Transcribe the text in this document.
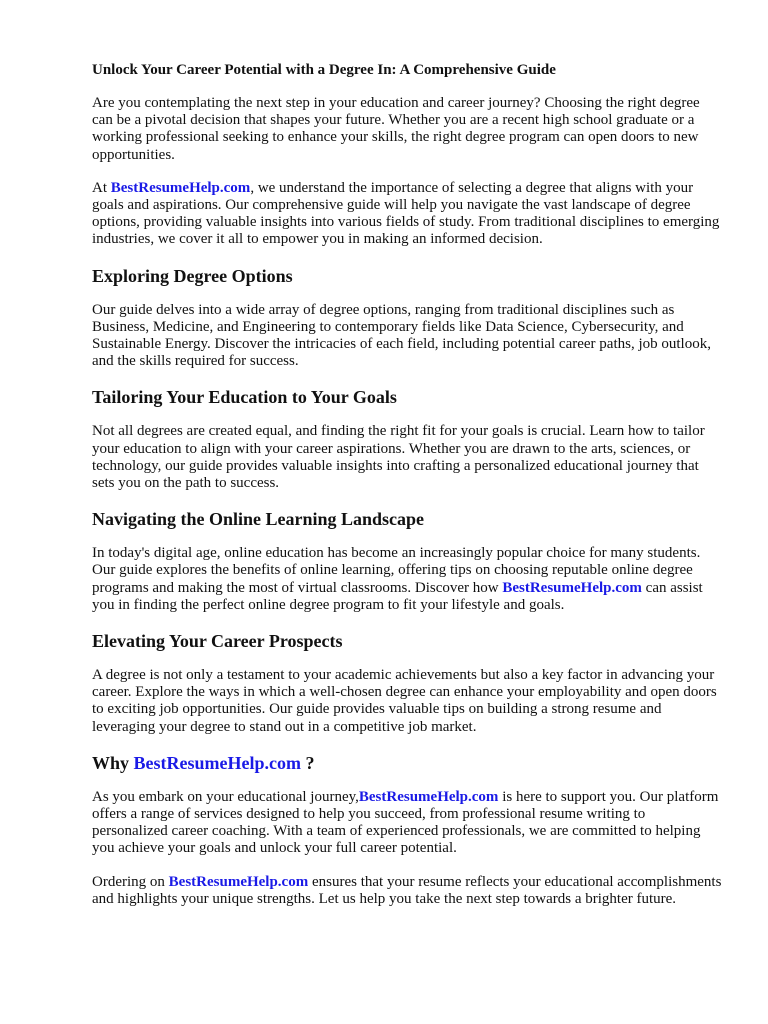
Unlock Your Career Potential with a Degree In: A Comprehensive Guide

Are you contemplating the next step in your education and career journey? Choosing the right degree can be a pivotal decision that shapes your future. Whether you are a recent high school graduate or a working professional seeking to enhance your skills, the right degree program can open doors to new opportunities.

At BestResumeHelp.com, we understand the importance of selecting a degree that aligns with your goals and aspirations. Our comprehensive guide will help you navigate the vast landscape of degree options, providing valuable insights into various fields of study. From traditional disciplines to emerging industries, we cover it all to empower you in making an informed decision.

Exploring Degree Options

Our guide delves into a wide array of degree options, ranging from traditional disciplines such as Business, Medicine, and Engineering to contemporary fields like Data Science, Cybersecurity, and Sustainable Energy. Discover the intricacies of each field, including potential career paths, job outlook, and the skills required for success.

Tailoring Your Education to Your Goals

Not all degrees are created equal, and finding the right fit for your goals is crucial. Learn how to tailor your education to align with your career aspirations. Whether you are drawn to the arts, sciences, or technology, our guide provides valuable insights into crafting a personalized educational journey that sets you on the path to success.

Navigating the Online Learning Landscape

In today's digital age, online education has become an increasingly popular choice for many students. Our guide explores the benefits of online learning, offering tips on choosing reputable online degree programs and making the most of virtual classrooms. Discover how BestResumeHelp.com can assist you in finding the perfect online degree program to fit your lifestyle and goals.

Elevating Your Career Prospects

A degree is not only a testament to your academic achievements but also a key factor in advancing your career. Explore the ways in which a well-chosen degree can enhance your employability and open doors to exciting job opportunities. Our guide provides valuable tips on building a strong resume and leveraging your degree to stand out in a competitive job market.

Why BestResumeHelp.com ?

As you embark on your educational journey,BestResumeHelp.com is here to support you. Our platform offers a range of services designed to help you succeed, from professional resume writing to personalized career coaching. With a team of experienced professionals, we are committed to helping you achieve your goals and unlock your full career potential.

Ordering on BestResumeHelp.com ensures that your resume reflects your educational accomplishments and highlights your unique strengths. Let us help you take the next step towards a brighter future.
